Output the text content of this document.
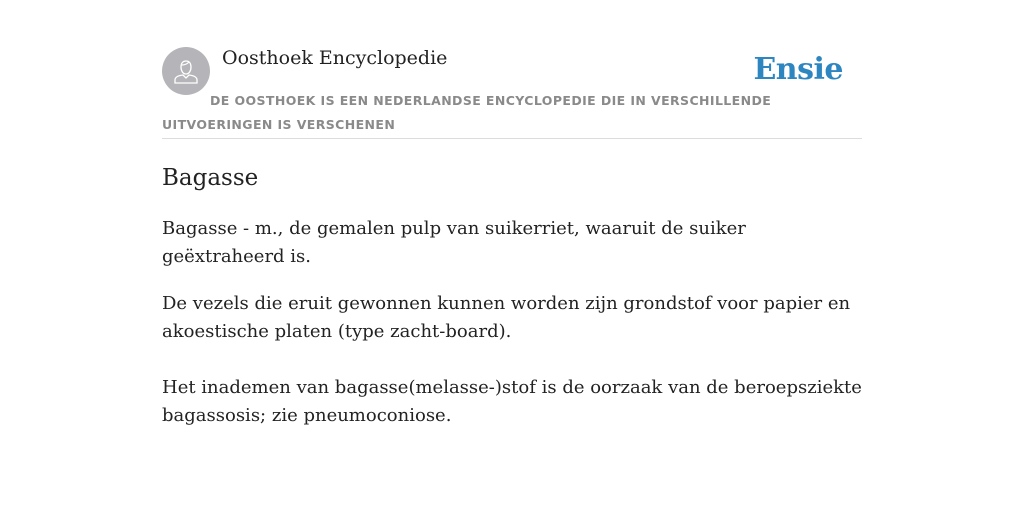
Oosthoek Encyclopedie	Ensie
DE OOSTHOEK IS EEN NEDERLANDSE ENCYCLOPEDIE DIE IN VERSCHILLENDE UITVOERINGEN IS VERSCHENEN
Bagasse

Bagasse - m., de gemalen pulp van suikerriet, waaruit de suiker geëxtraheerd is.

De vezels die eruit gewonnen kunnen worden zijn grondstof voor papier en akoestische platen (type zacht-board).

Het inademen van bagasse(melasse-)stof is de oorzaak van de beroepsziekte bagassosis; zie pneumoconiose.
